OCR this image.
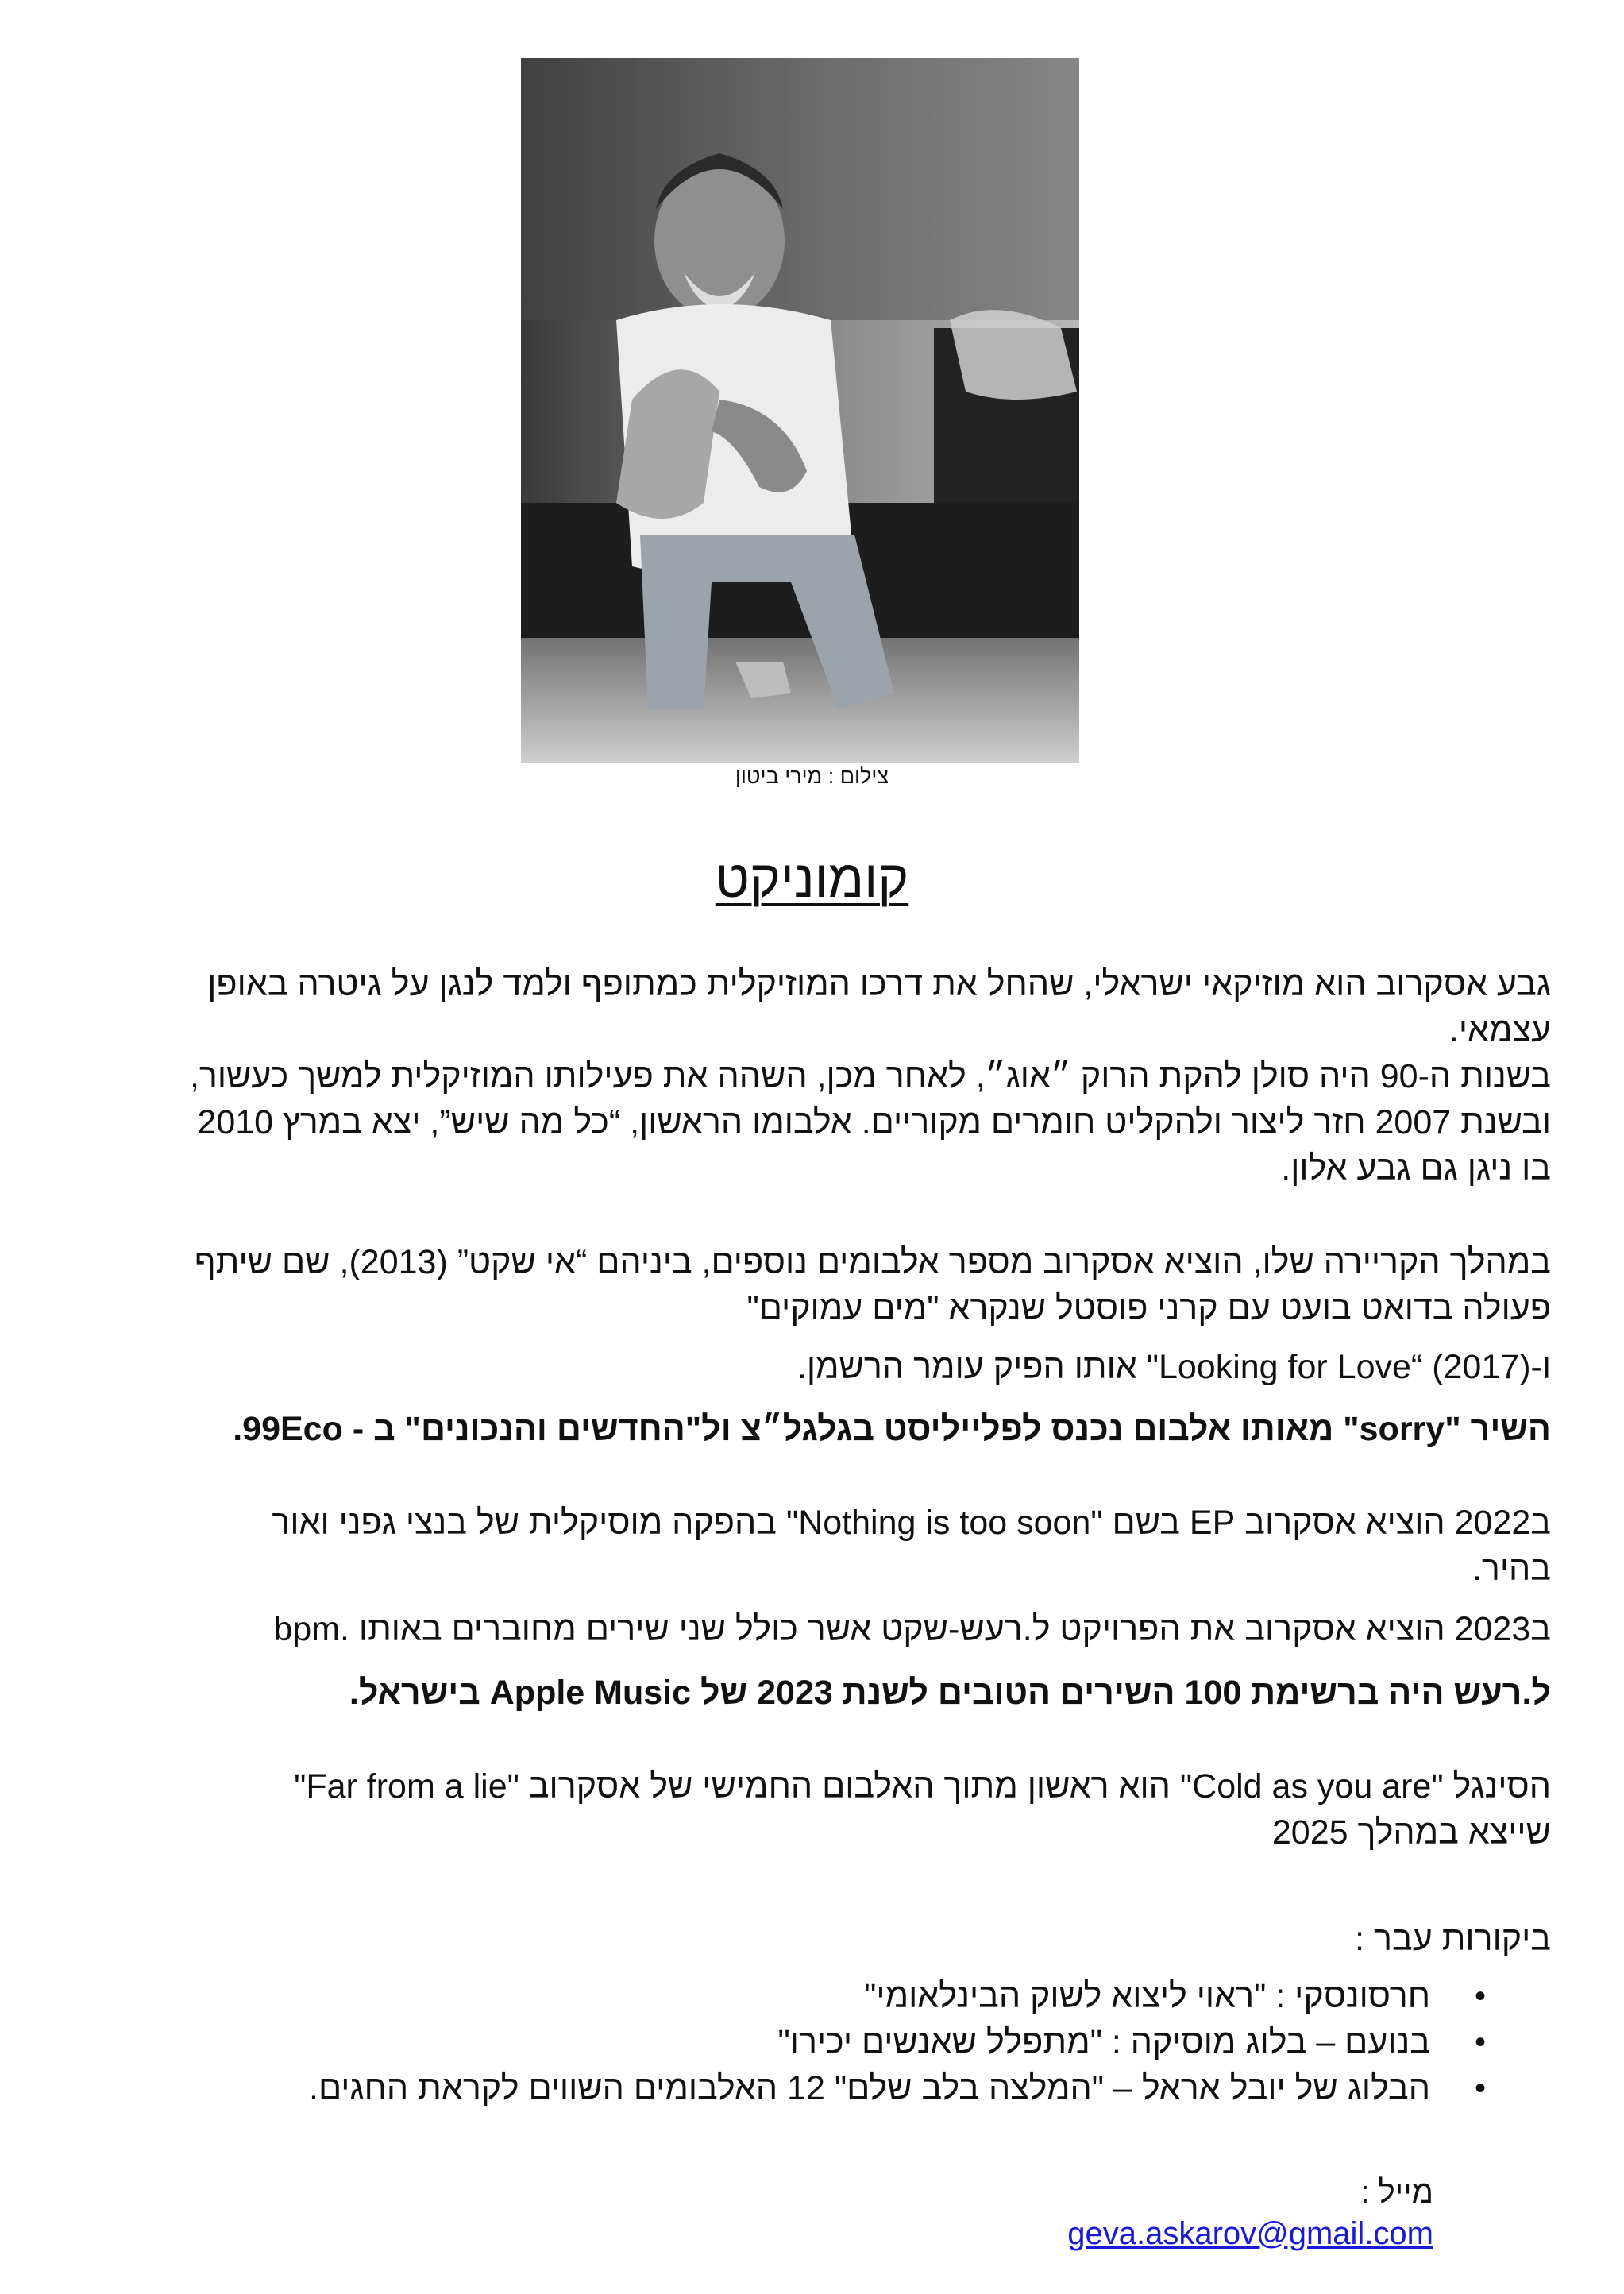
צילום : מירי ביטון
קומוניקט

גבע אסקרוב הוא מוזיקאי ישראלי, שהחל את דרכו המוזיקלית כמתופף ולמד לנגן על גיטרה באופן

עצמאי.

בשנות ה-90 היה סולן להקת הרוק ״אוג״, לאחר מכן, השהה את פעילותו המוזיקלית למשך כעשור,

ובשנת 2007 חזר ליצור ולהקליט חומרים מקוריים. אלבומו הראשון, “כל מה שיש”, יצא במרץ 2010

בו ניגן גם גבע אלון.

במהלך הקריירה שלו, הוציא אסקרוב מספר אלבומים נוספים, ביניהם “אי שקט” (2013), שם שיתף

פעולה בדואט בועט עם קרני פוסטל שנקרא "מים עמוקים"

ו-(2017) “Looking for Love" אותו הפיק עומר הרשמן.

השיר "sorry" מאותו אלבום נכנס לפלייליסט בגלגל״צ ול"החדשים והנכונים" ב - 99Eco.

ב2022 הוציא אסקרוב EP בשם "Nothing is too soon" בהפקה מוסיקלית של בנצי גפני ואור

בהיר.

ב2023 הוציא אסקרוב את הפרויקט ל.רעש-שקט אשר כולל שני שירים מחוברים באותו .bpm

ל.רעש היה ברשימת 100 השירים הטובים לשנת 2023 של Apple Music בישראל.

הסינגל "Cold as you are" הוא ראשון מתוך האלבום החמישי של אסקרוב "Far from a lie"

שייצא במהלך 2025

ביקורות עבר :

•
חרסונסקי : "ראוי ליצוא לשוק הבינלאומי"
•
בנועם – בלוג מוסיקה : "מתפלל שאנשים יכירו"
•
הבלוג של יובל אראל – "המלצה בלב שלם" 12 האלבומים השווים לקראת החגים.
מייל :
geva.askarov@gmail.com
